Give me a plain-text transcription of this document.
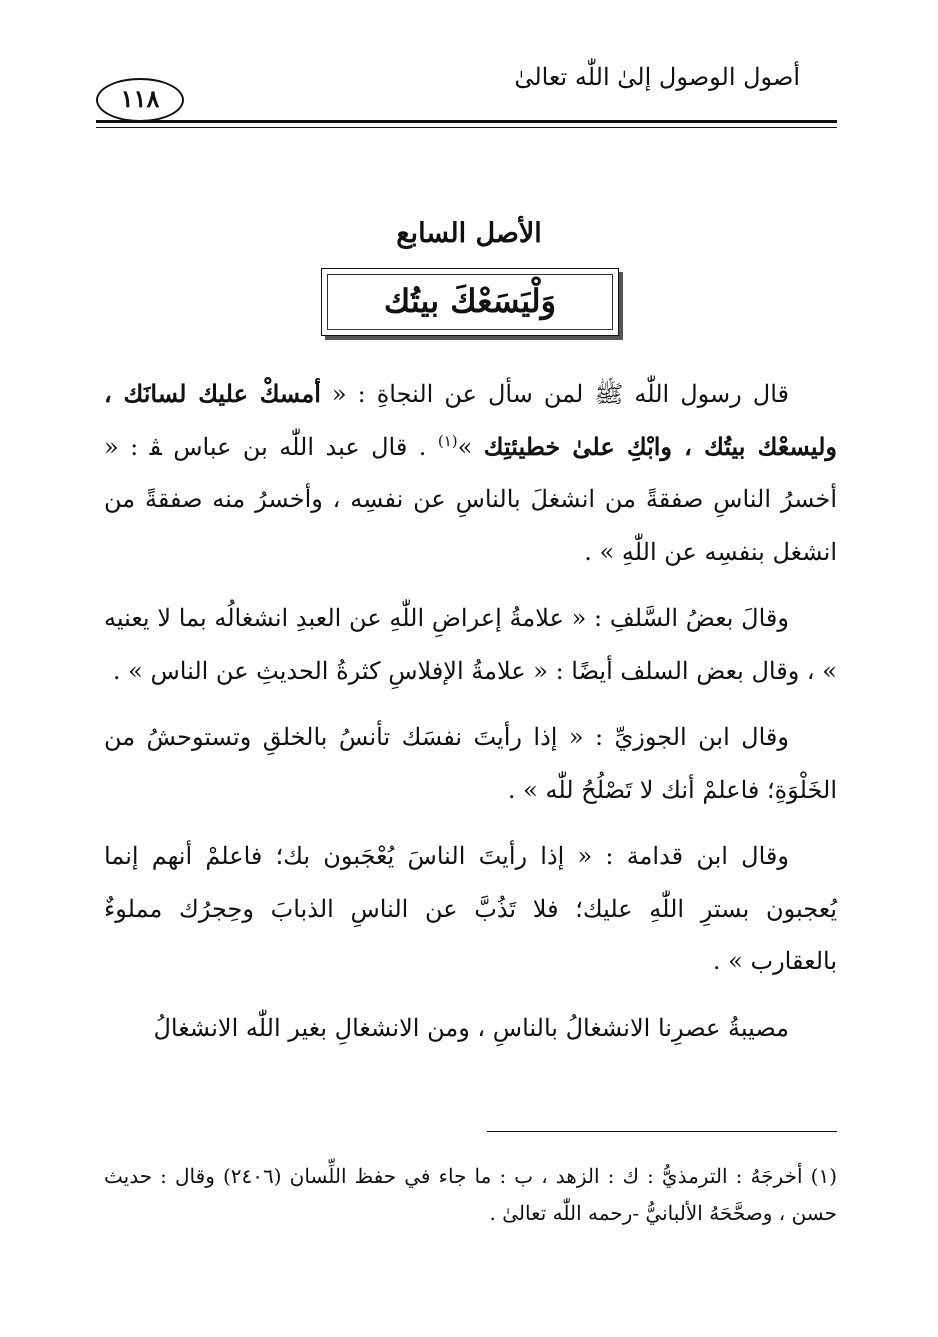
أصول الوصول إلىٰ اللّٰه تعالىٰ
١١٨
الأصل السابع
وَلْيَسَعْكَ بيتُك

قال رسول اللّٰه ﷺ لمن سأل عن النجاةِ : « أمسكْ عليك لسانَك ، وليسعْك بيتُك ، وابْكِ علىٰ خطيئتِك »$^{(١)}$ . قال عبد اللّٰه بن عباس ﭭ : « أخسرُ الناسِ صفقةً من انشغلَ بالناسِ عن نفسِه ، وأخسرُ منه صفقةً من انشغل بنفسِه عن اللّٰهِ » .

وقالَ بعضُ السَّلفِ : « علامةُ إعراضِ اللّٰهِ عن العبدِ انشغالُه بما لا يعنيه » ، وقال بعض السلف أيضًا : « علامةُ الإفلاسِ كثرةُ الحديثِ عن الناس » .

وقال ابن الجوزيِّ : « إذا رأيتَ نفسَك تأنسُ بالخلقِ وتستوحشُ من الخَلْوَةِ؛ فاعلمْ أنك لا تَصْلُحُ للّٰه » .

وقال ابن قدامة : « إذا رأيتَ الناسَ يُعْجَبون بك؛ فاعلمْ أنهم إنما يُعجبون بسترِ اللّٰهِ عليك؛ فلا تَذُبَّ عن الناسِ الذبابَ وحِجرُك مملوءٌ بالعقارب » .

مصيبةُ عصرِنا الانشغالُ بالناسِ ، ومن الانشغالِ بغير اللّٰه الانشغالُ

(١) أخرجَهُ : الترمذيُّ : ك : الزهد ، ب : ما جاء في حفظ اللِّسان (٢٤٠٦) وقال : حديث حسن ، وصحَّحَهُ الألبانيُّ -رحمه اللّٰه تعالىٰ .
